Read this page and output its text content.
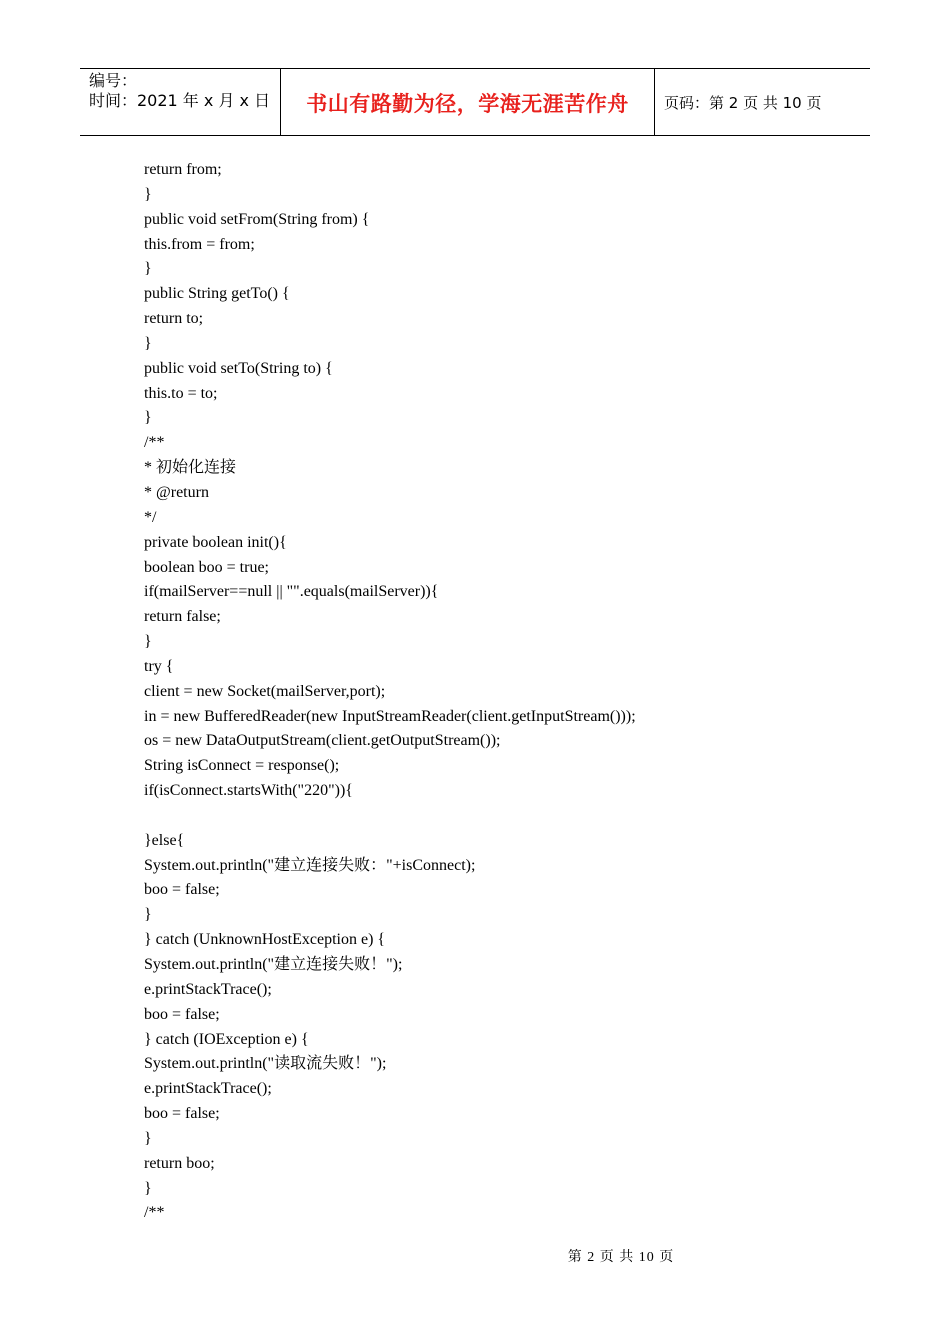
编号：
时间：2021 年 x 月 x 日	书山有路勤为径，学海无涯苦作舟 页码：第 2 页 共 10 页
return from;
}
public void setFrom(String from) {
this.from = from;
}
public String getTo() {
return to;
}
public void setTo(String to) {
this.to = to;
}
/**
* 初始化连接
* @return
*/
private boolean init(){
boolean boo = true;
if(mailServer==null || "".equals(mailServer)){
return false;
}
try {
client = new Socket(mailServer,port);
in = new BufferedReader(new InputStreamReader(client.getInputStream()));
os = new DataOutputStream(client.getOutputStream());
String isConnect = response();
if(isConnect.startsWith("220")){
}else{
System.out.println("建立连接失败："+isConnect);
boo = false;
}
} catch (UnknownHostException e) {
System.out.println("建立连接失败！");
e.printStackTrace();
boo = false;
} catch (IOException e) {
System.out.println("读取流失败！");
e.printStackTrace();
boo = false;
}
return boo;
}
/**
第 2 页 共 10 页
